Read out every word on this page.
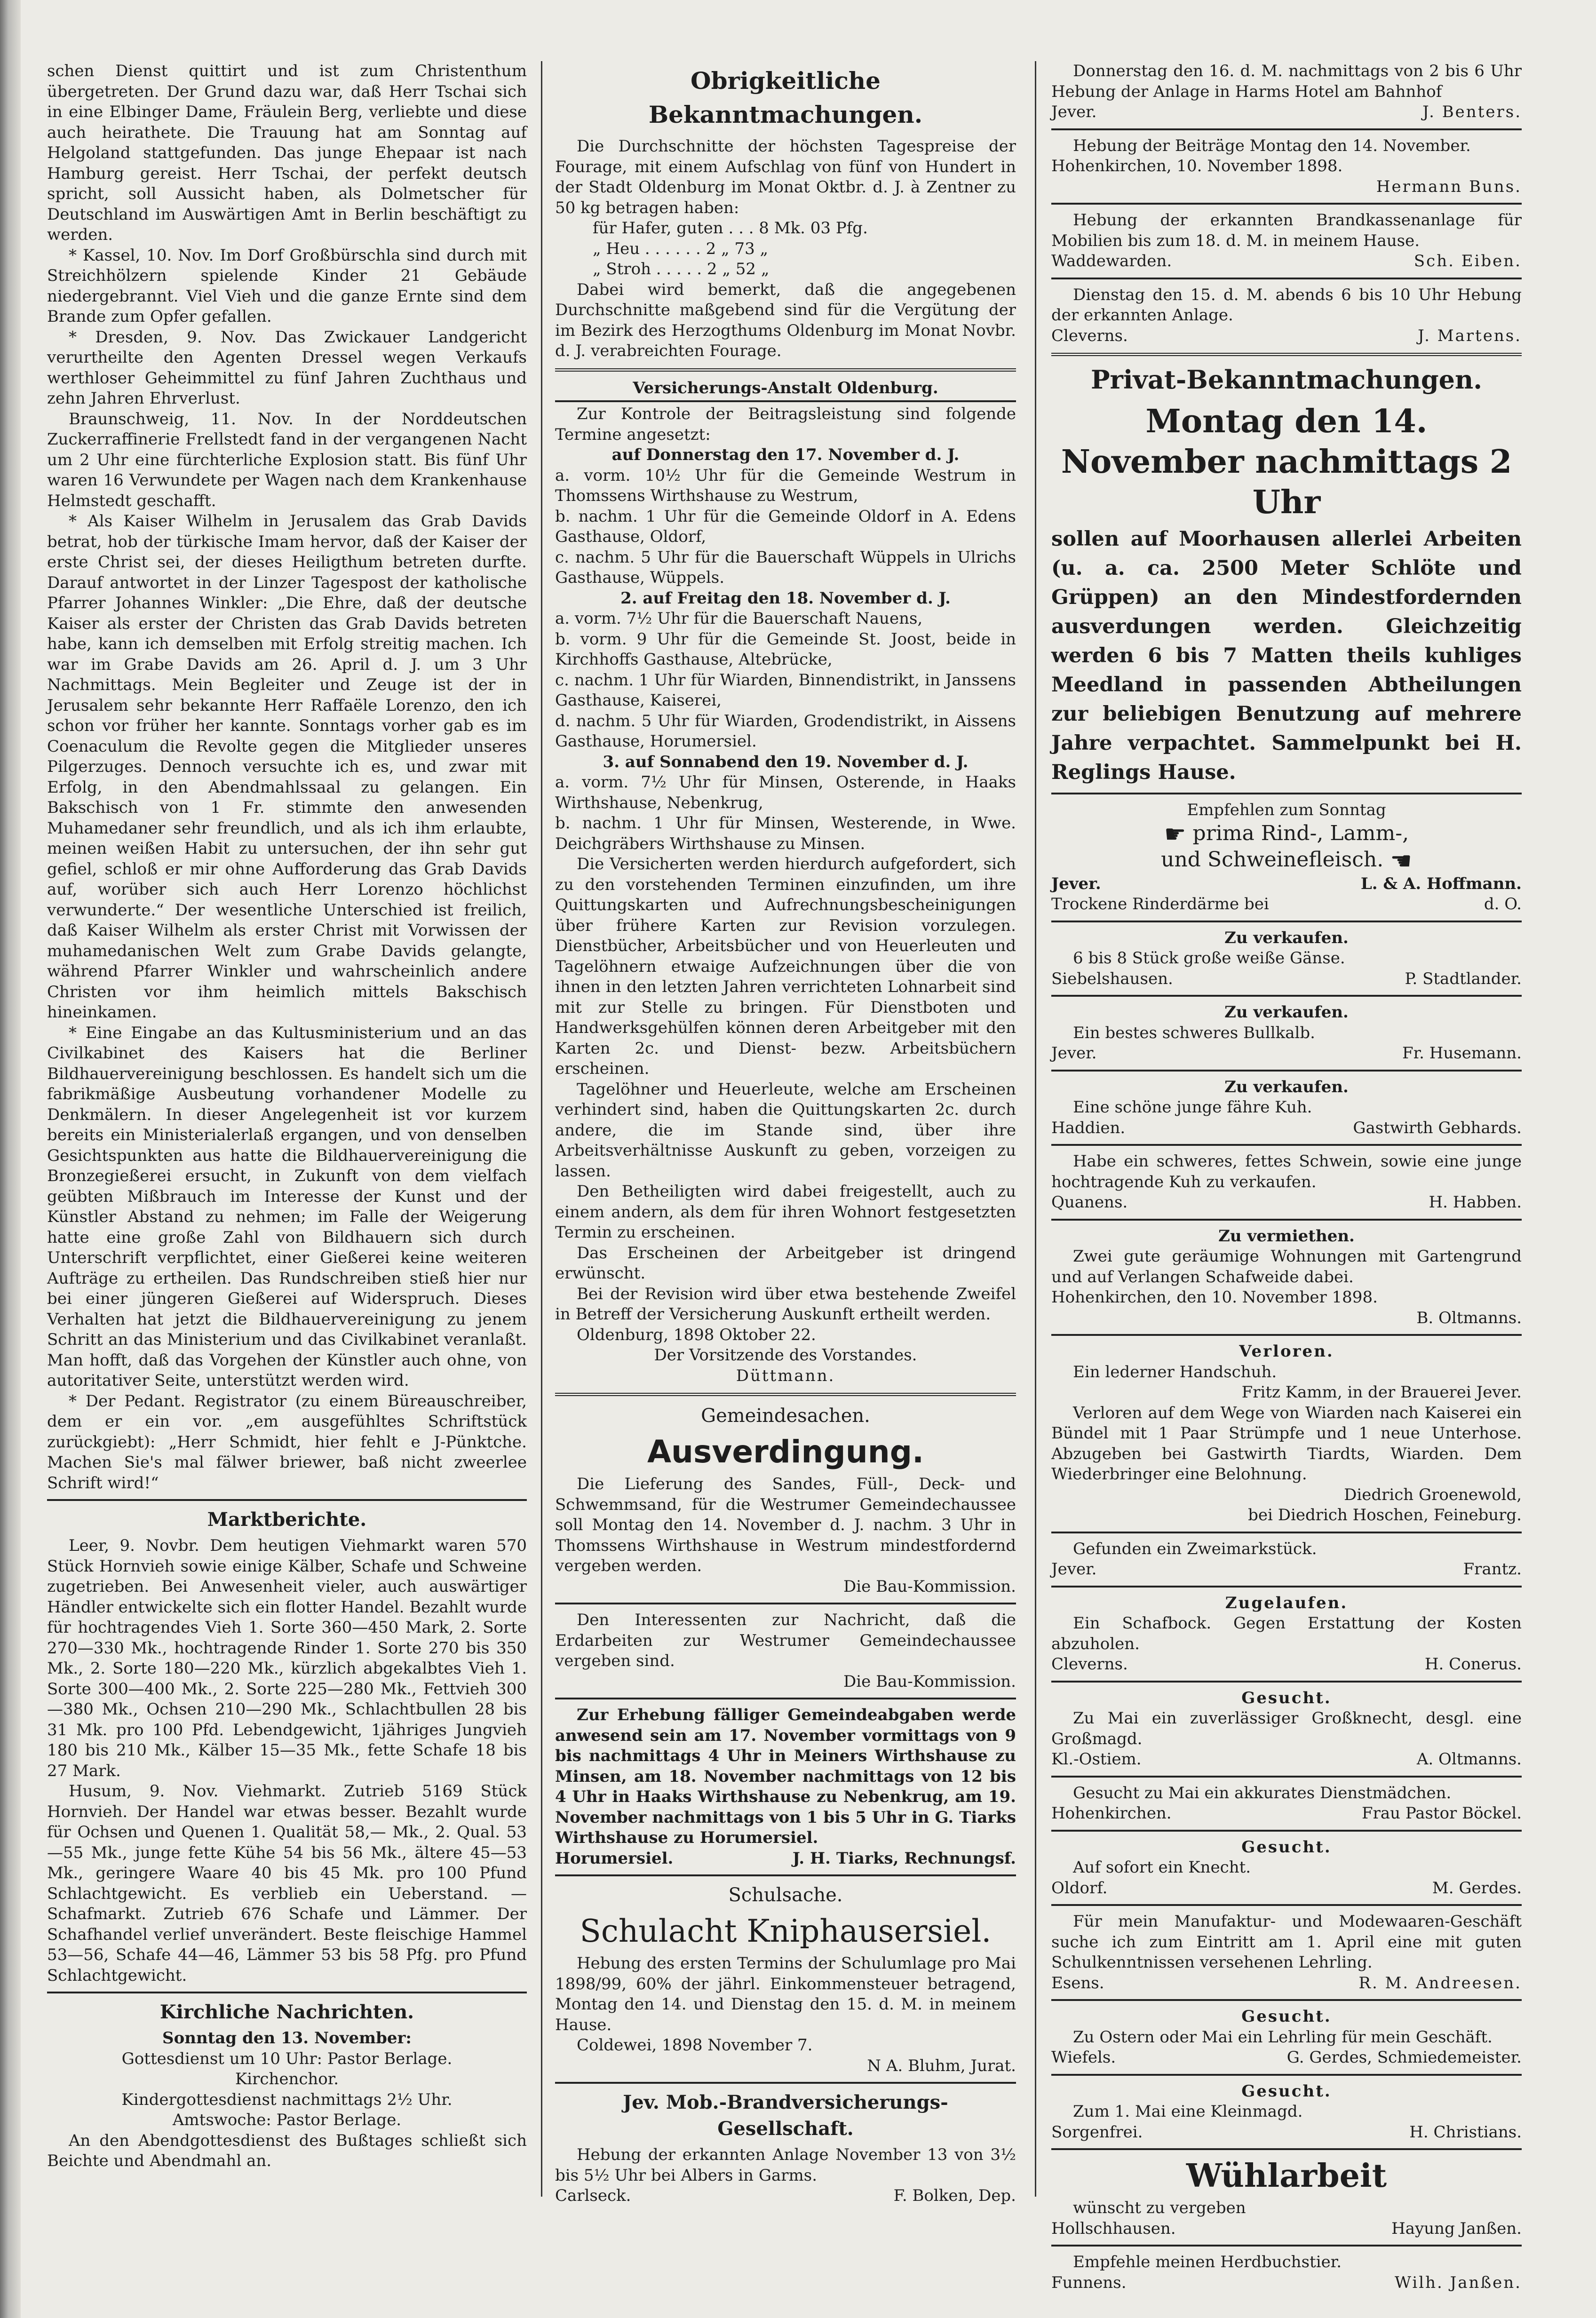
schen Dienst quittirt und ist zum Christenthum übergetreten. Der Grund dazu war, daß Herr Tschai sich in eine Elbinger Dame, Fräulein Berg, verliebte und diese auch heirathete. Die Trauung hat am Sonntag auf Helgoland stattgefunden. Das junge Ehepaar ist nach Hamburg gereist. Herr Tschai, der perfekt deutsch spricht, soll Aussicht haben, als Dolmetscher für Deutschland im Auswärtigen Amt in Berlin beschäftigt zu werden.

* Kassel, 10. Nov. Im Dorf Großbürschla sind durch mit Streichhölzern spielende Kinder 21 Gebäude niedergebrannt. Viel Vieh und die ganze Ernte sind dem Brande zum Opfer gefallen.

* Dresden, 9. Nov. Das Zwickauer Landgericht verurtheilte den Agenten Dressel wegen Verkaufs werthloser Geheimmittel zu fünf Jahren Zuchthaus und zehn Jahren Ehrverlust.

Braunschweig, 11. Nov. In der Norddeutschen Zuckerraffinerie Frellstedt fand in der vergangenen Nacht um 2 Uhr eine fürchterliche Explosion statt. Bis fünf Uhr waren 16 Verwundete per Wagen nach dem Krankenhause Helmstedt geschafft.

* Als Kaiser Wilhelm in Jerusalem das Grab Davids betrat, hob der türkische Imam hervor, daß der Kaiser der erste Christ sei, der dieses Heiligthum betreten durfte. Darauf antwortet in der Linzer Tagespost der katholische Pfarrer Johannes Winkler: „Die Ehre, daß der deutsche Kaiser als erster der Christen das Grab Davids betreten habe, kann ich demselben mit Erfolg streitig machen. Ich war im Grabe Davids am 26. April d. J. um 3 Uhr Nachmittags. Mein Begleiter und Zeuge ist der in Jerusalem sehr bekannte Herr Raffaële Lorenzo, den ich schon vor früher her kannte. Sonntags vorher gab es im Coenaculum die Revolte gegen die Mitglieder unseres Pilgerzuges. Dennoch versuchte ich es, und zwar mit Erfolg, in den Abendmahlssaal zu gelangen. Ein Bakschisch von 1 Fr. stimmte den anwesenden Muhamedaner sehr freundlich, und als ich ihm erlaubte, meinen weißen Habit zu untersuchen, der ihn sehr gut gefiel, schloß er mir ohne Aufforderung das Grab Davids auf, worüber sich auch Herr Lorenzo höchlichst verwunderte.“ Der wesentliche Unterschied ist freilich, daß Kaiser Wilhelm als erster Christ mit Vorwissen der muhamedanischen Welt zum Grabe Davids gelangte, während Pfarrer Winkler und wahrscheinlich andere Christen vor ihm heimlich mittels Bakschisch hineinkamen.

* Eine Eingabe an das Kultusministerium und an das Civilkabinet des Kaisers hat die Berliner Bildhauervereinigung beschlossen. Es handelt sich um die fabrikmäßige Ausbeutung vorhandener Modelle zu Denkmälern. In dieser Angelegenheit ist vor kurzem bereits ein Ministerialerlaß ergangen, und von denselben Gesichtspunkten aus hatte die Bildhauervereinigung die Bronzegießerei ersucht, in Zukunft von dem vielfach geübten Mißbrauch im Interesse der Kunst und der Künstler Abstand zu nehmen; im Falle der Weigerung hatte eine große Zahl von Bildhauern sich durch Unterschrift verpflichtet, einer Gießerei keine weiteren Aufträge zu ertheilen. Das Rundschreiben stieß hier nur bei einer jüngeren Gießerei auf Widerspruch. Dieses Verhalten hat jetzt die Bildhauervereinigung zu jenem Schritt an das Ministerium und das Civilkabinet veranlaßt. Man hofft, daß das Vorgehen der Künstler auch ohne, von autoritativer Seite, unterstützt werden wird.

* Der Pedant. Registrator (zu einem Büreauschreiber, dem er ein vor. „em ausgefühltes Schriftstück zurückgiebt): „Herr Schmidt, hier fehlt e J-Pünktche. Machen Sie's mal fälwer briewer, baß nicht zweerlee Schrift wird!“

Marktberichte.

Leer, 9. Novbr. Dem heutigen Viehmarkt waren 570 Stück Hornvieh sowie einige Kälber, Schafe und Schweine zugetrieben. Bei Anwesenheit vieler, auch auswärtiger Händler entwickelte sich ein flotter Handel. Bezahlt wurde für hochtragendes Vieh 1. Sorte 360—450 Mark, 2. Sorte 270—330 Mk., hochtragende Rinder 1. Sorte 270 bis 350 Mk., 2. Sorte 180—220 Mk., kürzlich abgekalbtes Vieh 1. Sorte 300—400 Mk., 2. Sorte 225—280 Mk., Fettvieh 300—380 Mk., Ochsen 210—290 Mk., Schlachtbullen 28 bis 31 Mk. pro 100 Pfd. Lebendgewicht, 1jähriges Jungvieh 180 bis 210 Mk., Kälber 15—35 Mk., fette Schafe 18 bis 27 Mark.

Husum, 9. Nov. Viehmarkt. Zutrieb 5169 Stück Hornvieh. Der Handel war etwas besser. Bezahlt wurde für Ochsen und Quenen 1. Qualität 58,— Mk., 2. Qual. 53—55 Mk., junge fette Kühe 54 bis 56 Mk., ältere 45—53 Mk., geringere Waare 40 bis 45 Mk. pro 100 Pfund Schlachtgewicht. Es verblieb ein Ueberstand. — Schafmarkt. Zutrieb 676 Schafe und Lämmer. Der Schafhandel verlief unverändert. Beste fleischige Hammel 53—56, Schafe 44—46, Lämmer 53 bis 58 Pfg. pro Pfund Schlachtgewicht.

Kirchliche Nachrichten.

Sonntag den 13. November:

Gottesdienst um 10 Uhr: Pastor Berlage.

Kirchenchor.

Kindergottesdienst nachmittags 2½ Uhr.

Amtswoche: Pastor Berlage.

An den Abendgottesdienst des Bußtages schließt sich Beichte und Abendmahl an.

Obrigkeitliche Bekanntmachungen.

Die Durchschnitte der höchsten Tagespreise der Fourage, mit einem Aufschlag von fünf von Hundert in der Stadt Oldenburg im Monat Oktbr. d. J. à Zentner zu 50 kg betragen haben:

für Hafer, guten . . . 8 Mk. 03 Pfg.

„ Heu . . . . . . 2 „ 73 „

„ Stroh . . . . . 2 „ 52 „

Dabei wird bemerkt, daß die angegebenen Durchschnitte maßgebend sind für die Vergütung der im Bezirk des Herzogthums Oldenburg im Monat Novbr. d. J. verabreichten Fourage.

Versicherungs-Anstalt Oldenburg.

Zur Kontrole der Beitragsleistung sind folgende Termine angesetzt:

auf Donnerstag den 17. November d. J.

a. vorm. 10½ Uhr für die Gemeinde Westrum in Thomssens Wirthshause zu Westrum,

b. nachm. 1 Uhr für die Gemeinde Oldorf in A. Edens Gasthause, Oldorf,

c. nachm. 5 Uhr für die Bauerschaft Wüppels in Ulrichs Gasthause, Wüppels.

2. auf Freitag den 18. November d. J.

a. vorm. 7½ Uhr für die Bauerschaft Nauens,

b. vorm. 9 Uhr für die Gemeinde St. Joost, beide in Kirchhoffs Gasthause, Altebrücke,

c. nachm. 1 Uhr für Wiarden, Binnendistrikt, in Janssens Gasthause, Kaiserei,

d. nachm. 5 Uhr für Wiarden, Grodendistrikt, in Aissens Gasthause, Horumersiel.

3. auf Sonnabend den 19. November d. J.

a. vorm. 7½ Uhr für Minsen, Osterende, in Haaks Wirthshause, Nebenkrug,

b. nachm. 1 Uhr für Minsen, Westerende, in Wwe. Deichgräbers Wirthshause zu Minsen.

Die Versicherten werden hierdurch aufgefordert, sich zu den vorstehenden Terminen einzufinden, um ihre Quittungskarten und Aufrechnungsbescheinigungen über frühere Karten zur Revision vorzulegen. Dienstbücher, Arbeitsbücher und von Heuerleuten und Tagelöhnern etwaige Aufzeichnungen über die von ihnen in den letzten Jahren verrichteten Lohnarbeit sind mit zur Stelle zu bringen. Für Dienstboten und Handwerksgehülfen können deren Arbeitgeber mit den Karten 2c. und Dienst- bezw. Arbeitsbüchern erscheinen.

Tagelöhner und Heuerleute, welche am Erscheinen verhindert sind, haben die Quittungskarten 2c. durch andere, die im Stande sind, über ihre Arbeitsverhältnisse Auskunft zu geben, vorzeigen zu lassen.

Den Betheiligten wird dabei freigestellt, auch zu einem andern, als dem für ihren Wohnort festgesetzten Termin zu erscheinen.

Das Erscheinen der Arbeitgeber ist dringend erwünscht.

Bei der Revision wird über etwa bestehende Zweifel in Betreff der Versicherung Auskunft ertheilt werden.

Oldenburg, 1898 Oktober 22.

Der Vorsitzende des Vorstandes.

Düttmann.

Gemeindesachen.
Ausverdingung.

Die Lieferung des Sandes, Füll-, Deck- und Schwemmsand, für die Westrumer Gemeindechaussee soll Montag den 14. November d. J. nachm. 3 Uhr in Thomssens Wirthshause in Westrum mindestfordernd vergeben werden.

Die Bau-Kommission.

Den Interessenten zur Nachricht, daß die Erdarbeiten zur Westrumer Gemeindechaussee vergeben sind.

Die Bau-Kommission.

Zur Erhebung fälliger Gemeindeabgaben werde anwesend sein am 17. November vormittags von 9 bis nachmittags 4 Uhr in Meiners Wirthshause zu Minsen, am 18. November nachmittags von 12 bis 4 Uhr in Haaks Wirthshause zu Nebenkrug, am 19. November nachmittags von 1 bis 5 Uhr in G. Tiarks Wirthshause zu Horumersiel.

Horumersiel.	J. H. Tiarks, Rechnungsf.
Schulsache.
Schulacht Kniphausersiel.

Hebung des ersten Termins der Schulumlage pro Mai 1898/99, 60% der jährl. Einkommensteuer betragend, Montag den 14. und Dienstag den 15. d. M. in meinem Hause.

Coldewei, 1898 November 7.

N A. Bluhm, Jurat.

Jev. Mob.-Brandversicherungs-Gesellschaft.

Hebung der erkannten Anlage November 13 von 3½ bis 5½ Uhr bei Albers in Garms.

Carlseck.	F. Bolken, Dep.

Donnerstag den 16. d. M. nachmittags von 2 bis 6 Uhr Hebung der Anlage in Harms Hotel am Bahnhof

Jever.	J. Benters.

Hebung der Beiträge Montag den 14. November.

Hohenkirchen, 10. November 1898.

Hermann Buns.

Hebung der erkannten Brandkassenanlage für Mobilien bis zum 18. d. M. in meinem Hause.

Waddewarden.	Sch. Eiben.

Dienstag den 15. d. M. abends 6 bis 10 Uhr Hebung der erkannten Anlage.

Cleverns.	J. Martens.
Privat-Bekanntmachungen.
Montag den 14. November nachmittags 2 Uhr

sollen auf Moorhausen allerlei Arbeiten (u. a. ca. 2500 Meter Schlöte und Grüppen) an den Mindestfordernden ausverdungen werden. Gleichzeitig werden 6 bis 7 Matten theils kuhliges Meedland in passenden Abtheilungen zur beliebigen Benutzung auf mehrere Jahre verpachtet. Sammelpunkt bei H. Reglings Hause.

Empfehlen zum Sonntag

☛ prima Rind-, Lamm-,

und Schweinefleisch. ☚

Jever.	L. & A. Hoffmann.
Trockene Rinderdärme bei	d. O.

Zu verkaufen.

6 bis 8 Stück große weiße Gänse.

Siebelshausen.	P. Stadtlander.

Zu verkaufen.

Ein bestes schweres Bullkalb.

Jever.	Fr. Husemann.

Zu verkaufen.

Eine schöne junge fähre Kuh.

Haddien.	Gastwirth Gebhards.

Habe ein schweres, fettes Schwein, sowie eine junge hochtragende Kuh zu verkaufen.

Quanens.	H. Habben.

Zu vermiethen.

Zwei gute geräumige Wohnungen mit Gartengrund und auf Verlangen Schafweide dabei.

Hohenkirchen, den 10. November 1898.

B. Oltmanns.

Verloren.

Ein lederner Handschuh.

Fritz Kamm, in der Brauerei Jever.

Verloren auf dem Wege von Wiarden nach Kaiserei ein Bündel mit 1 Paar Strümpfe und 1 neue Unterhose. Abzugeben bei Gastwirth Tiardts, Wiarden. Dem Wiederbringer eine Belohnung.

Diedrich Groenewold,

bei Diedrich Hoschen, Feineburg.

Gefunden ein Zweimarkstück.

Jever.	Frantz.

Zugelaufen.

Ein Schafbock. Gegen Erstattung der Kosten abzuholen.

Cleverns.	H. Conerus.

Gesucht.

Zu Mai ein zuverlässiger Großknecht, desgl. eine Großmagd.

Kl.-Ostiem.	A. Oltmanns.

Gesucht zu Mai ein akkurates Dienstmädchen.

Hohenkirchen.	Frau Pastor Böckel.

Gesucht.

Auf sofort ein Knecht.

Oldorf.	M. Gerdes.

Für mein Manufaktur- und Modewaaren-Geschäft suche ich zum Eintritt am 1. April eine mit guten Schulkenntnissen versehenen Lehrling.

Esens.	R. M. Andreesen.

Gesucht.

Zu Ostern oder Mai ein Lehrling für mein Geschäft.

Wiefels.	G. Gerdes, Schmiedemeister.

Gesucht.

Zum 1. Mai eine Kleinmagd.

Sorgenfrei.	H. Christians.
Wühlarbeit

wünscht zu vergeben

Hollschhausen.	Hayung Janßen.

Empfehle meinen Herdbuchstier.

Funnens.	Wilh. Janßen.
